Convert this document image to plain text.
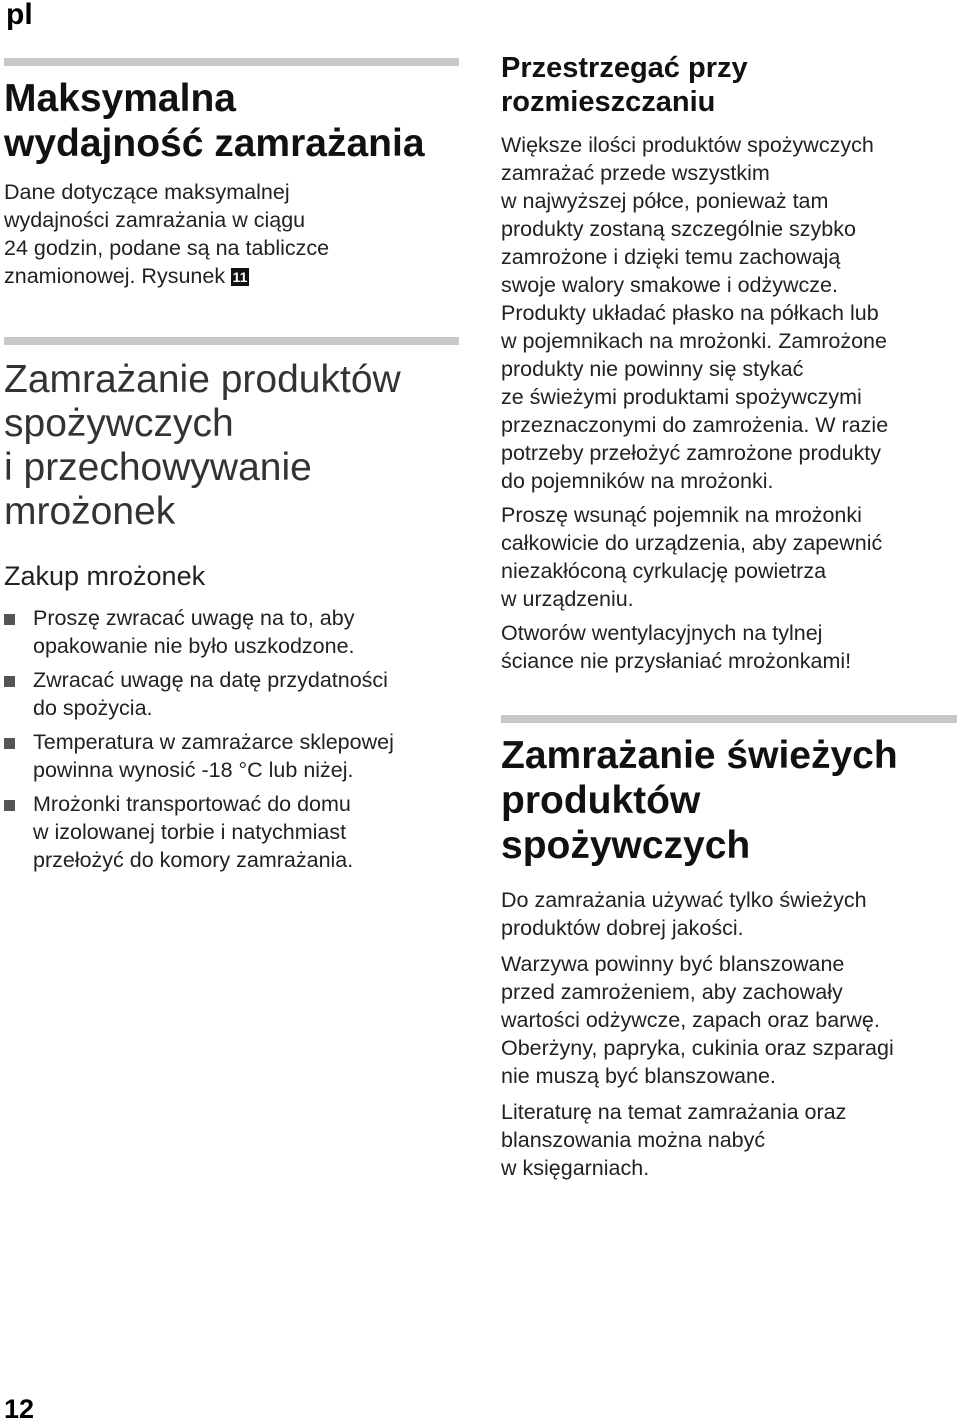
pl
Maksymalna
wydajność zamrażania

Dane dotyczące maksymalnej
wydajności zamrażania w ciągu
24 godzin, podane są na tabliczce
znamionowej. Rysunek 11

Zamrażanie produktów
spożywczych
i przechowywanie
mrożonek
Zakup mrożonek
Proszę zwracać uwagę na to, aby
opakowanie nie było uszkodzone.
Zwracać uwagę na datę przydatności
do spożycia.
Temperatura w zamrażarce sklepowej
powinna wynosić -18 °C lub niżej.
Mrożonki transportować do domu
w izolowanej torbie i natychmiast
przełożyć do komory zamrażania.
Przestrzegać przy
rozmieszczaniu

Większe ilości produktów spożywczych
zamrażać przede wszystkim
w najwyższej półce, ponieważ tam
produkty zostaną szczególnie szybko
zamrożone i dzięki temu zachowają
swoje walory smakowe i odżywcze.
Produkty układać płasko na półkach lub
w pojemnikach na mrożonki. Zamrożone
produkty nie powinny się stykać
ze świeżymi produktami spożywczymi
przeznaczonymi do zamrożenia. W razie
potrzeby przełożyć zamrożone produkty
do pojemników na mrożonki.

Proszę wsunąć pojemnik na mrożonki
całkowicie do urządzenia, aby zapewnić
niezakłóconą cyrkulację powietrza
w urządzeniu.

Otworów wentylacyjnych na tylnej
ściance nie przysłaniać mrożonkami!

Zamrażanie świeżych
produktów
spożywczych

Do zamrażania używać tylko świeżych
produktów dobrej jakości.

Warzywa powinny być blanszowane
przed zamrożeniem, aby zachowały
wartości odżywcze, zapach oraz barwę.
Oberżyny, papryka, cukinia oraz szparagi
nie muszą być blanszowane.

Literaturę na temat zamrażania oraz
blanszowania można nabyć
w księgarniach.

12
